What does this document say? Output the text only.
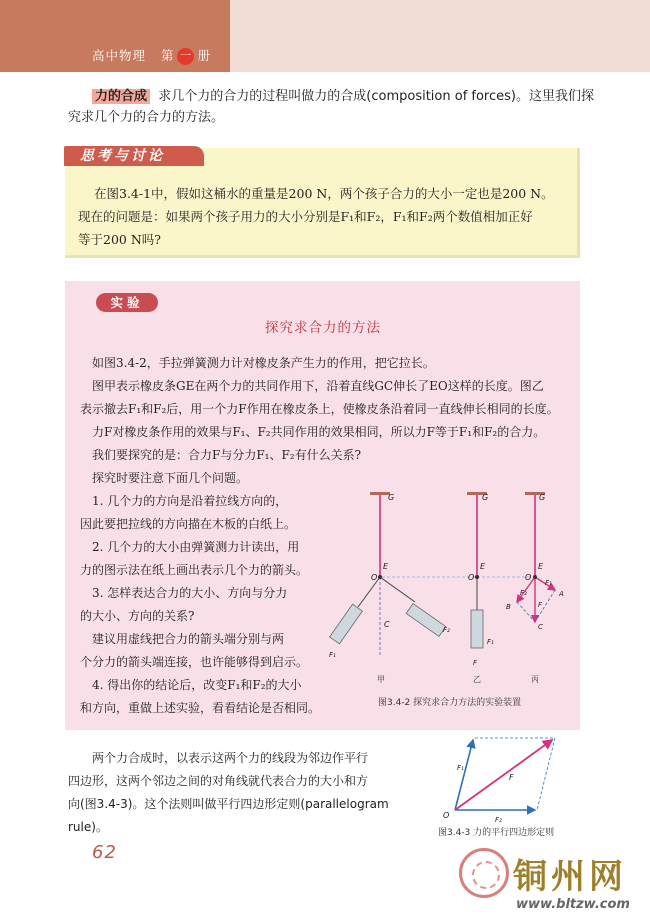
高中物理 第 一 册
力的合成 求几个力的合力的过程叫做力的合成(composition of forces)。这里我们探
究求几个力的合力的方法。
思考与讨论
在图3.4-1中，假如这桶水的重量是200 N，两个孩子合力的大小一定也是200 N。
现在的问题是：如果两个孩子用力的大小分别是F₁和F₂，F₁和F₂两个数值相加正好
等于200 N吗?
实验
探究求合力的方法
如图3.4-2，手拉弹簧测力计对橡皮条产生力的作用，把它拉长。
图甲表示橡皮条GE在两个力的共同作用下，沿着直线GC伸长了EO这样的长度。图乙
表示撤去F₁和F₂后，用一个力F作用在橡皮条上，使橡皮条沿着同一直线伸长相同的长度。
力F对橡皮条作用的效果与F₁、F₂共同作用的效果相同，所以力F等于F₁和F₂的合力。
我们要探究的是：合力F与分力F₁、F₂有什么关系?
探究时要注意下面几个问题。
1. 几个力的方向是沿着拉线方向的，
因此要把拉线的方向描在木板的白纸上。
2. 几个力的大小由弹簧测力计读出，用
力的图示法在纸上画出表示几个力的箭头。
3. 怎样表达合力的大小、方向与分力
的大小、方向的关系?
建议用虚线把合力的箭头端分别与两
个分力的箭头端连接，也许能够得到启示。
4. 得出你的结论后，改变F₁和F₂的大小
和方向，重做上述实验，看看结论是否相同。
G
E
O
C
F₁
F₂
G
E
O
F₁
F
G
E
O
F₁
A
B
F₂
F
C
甲	乙	丙
图3.4-2 探究求合力方法的实验装置
两个力合成时，以表示这两个力的线段为邻边作平行
四边形，这两个邻边之间的对角线就代表合力的大小和方
向(图3.4-3)。这个法则叫做平行四边形定则(parallelogram
rule)。
O
F₁
F
F₂
图3.4-3 力的平行四边形定则
62
铜州网
www.bltzw.com
